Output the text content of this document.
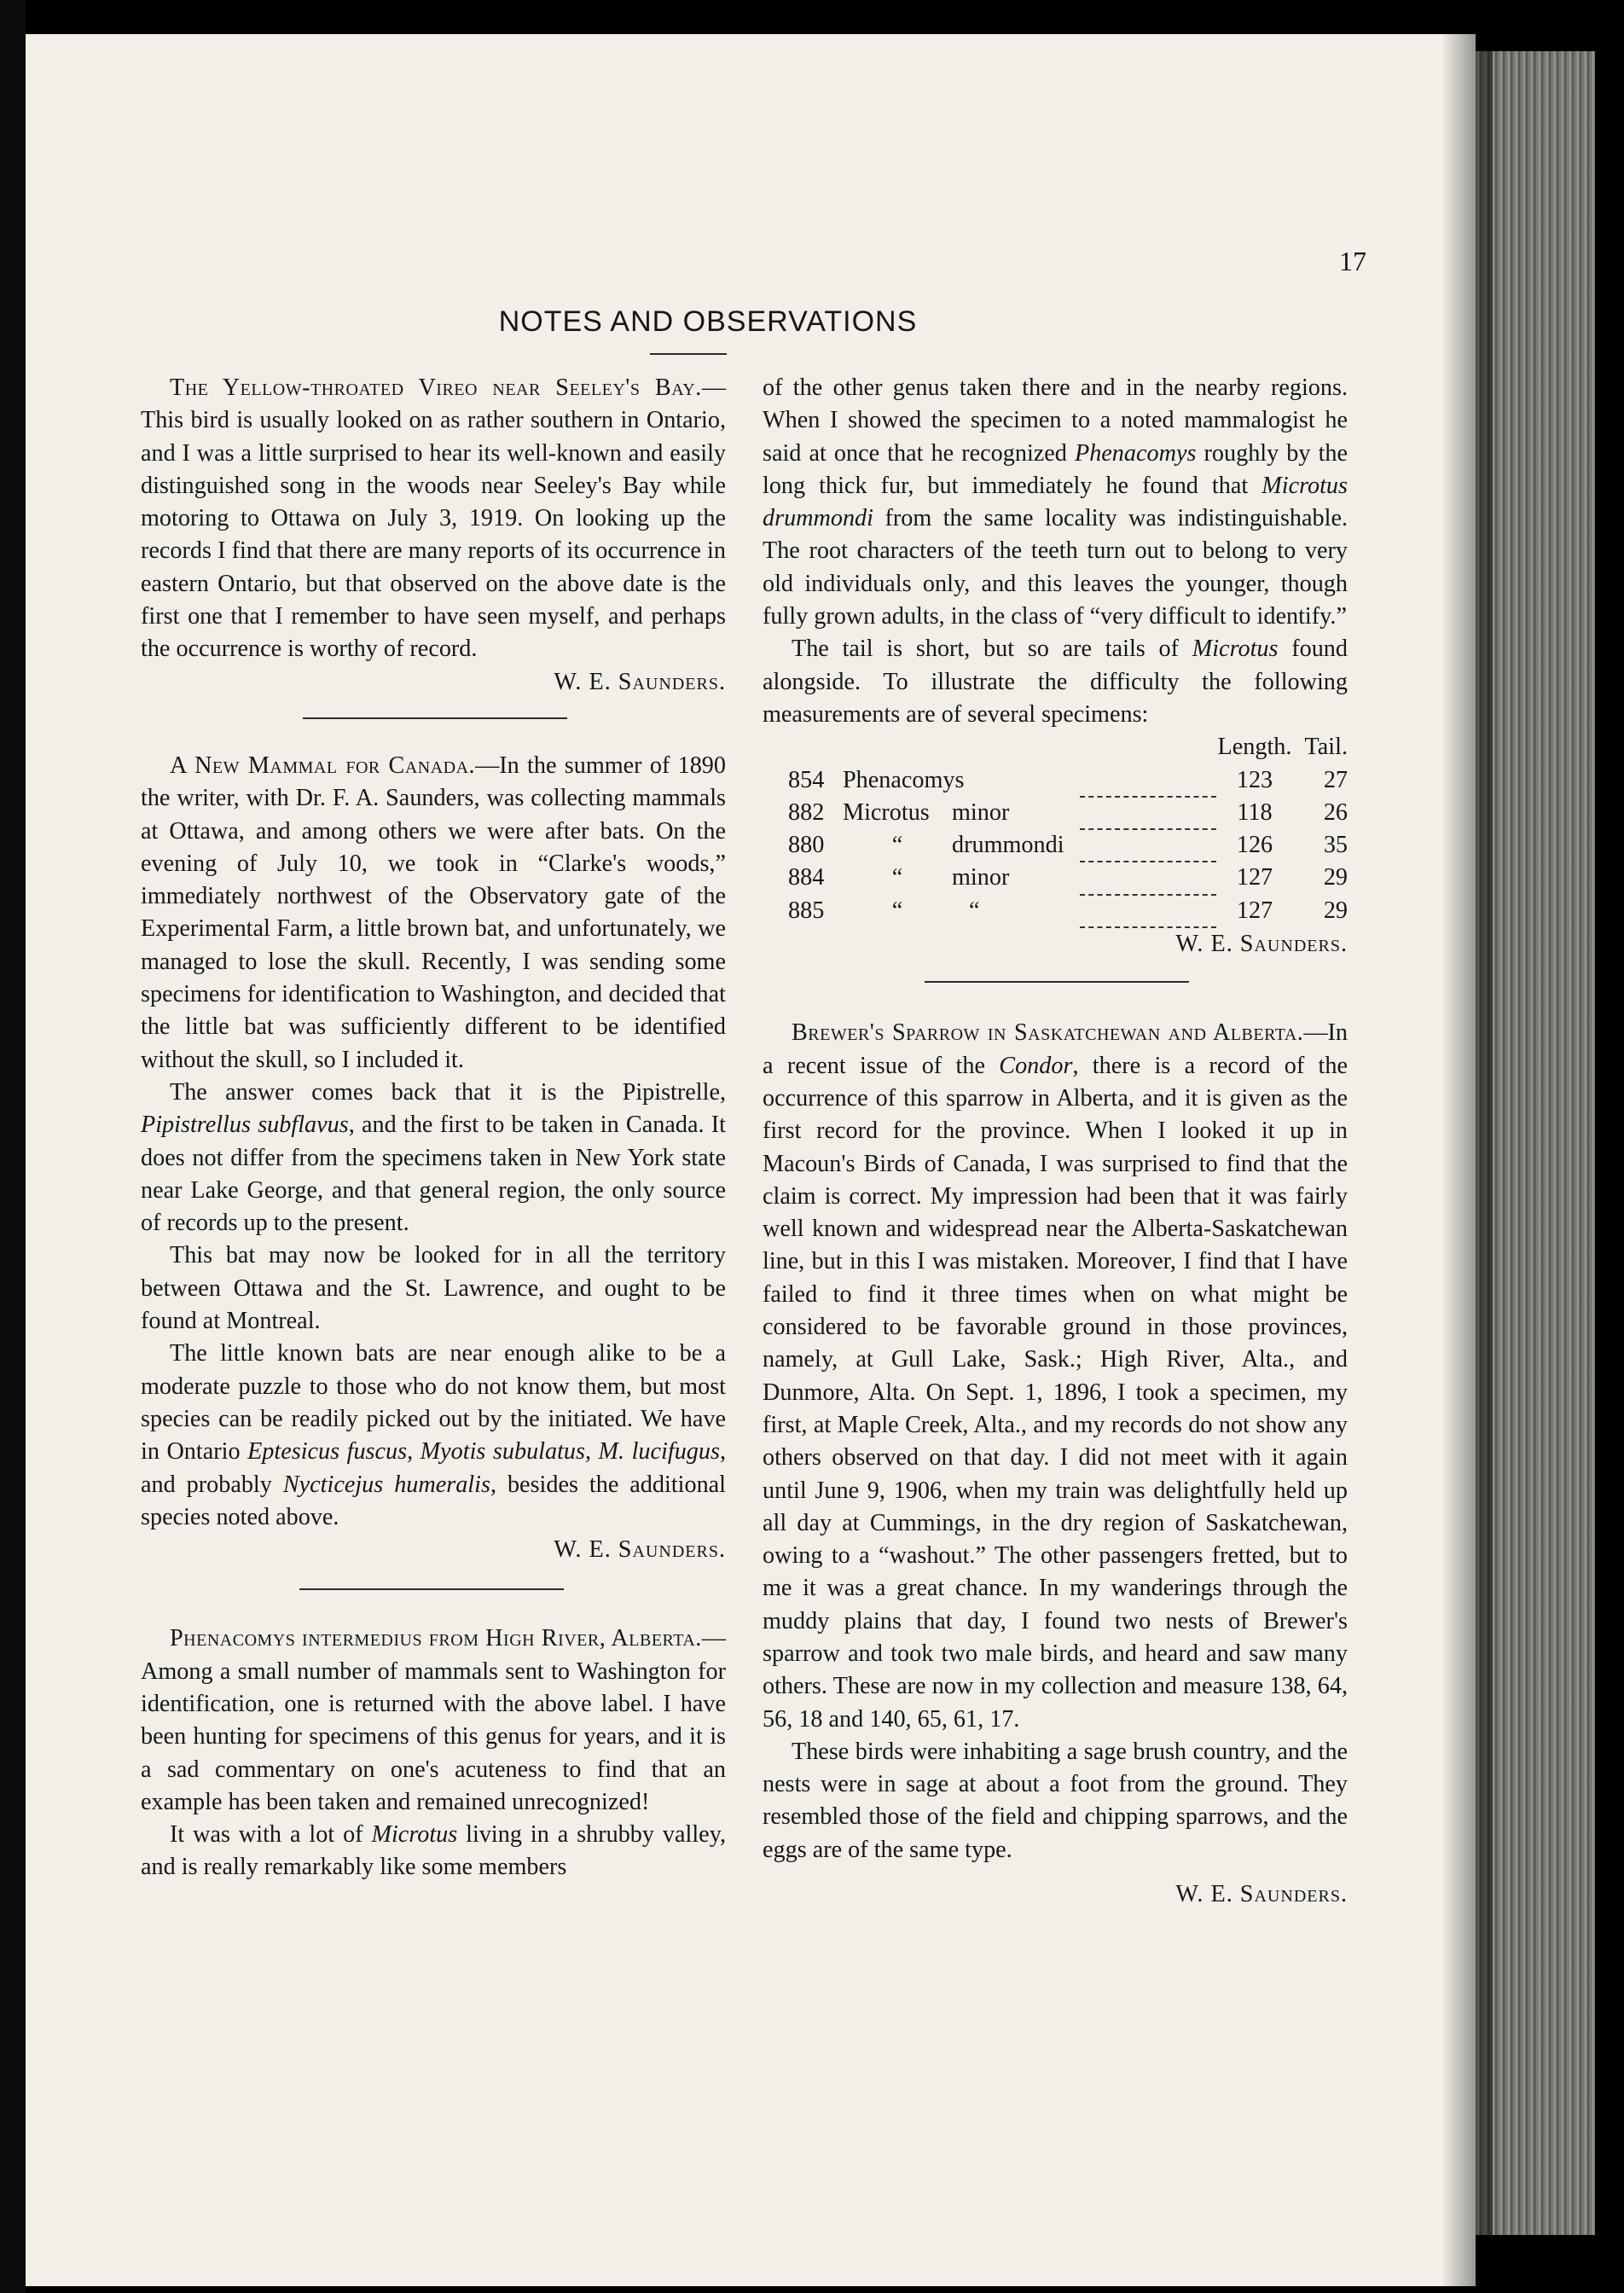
17
NOTES AND OBSERVATIONS

The Yellow-throated Vireo near Seeley's Bay.—This bird is usually looked on as rather southern in Ontario, and I was a little surprised to hear its well-known and easily distinguished song in the woods near Seeley's Bay while motoring to Ottawa on July 3, 1919. On looking up the records I find that there are many reports of its occurrence in eastern Ontario, but that observed on the above date is the first one that I remember to have seen myself, and perhaps the occurrence is worthy of record.

W. E. Saunders.

A New Mammal for Canada.—In the summer of 1890 the writer, with Dr. F. A. Saunders, was collecting mammals at Ottawa, and among others we were after bats. On the evening of July 10, we took in “Clarke's woods,” immediately northwest of the Observatory gate of the Experimental Farm, a little brown bat, and unfortunately, we managed to lose the skull. Recently, I was sending some specimens for identification to Washington, and decided that the little bat was sufficiently different to be identified without the skull, so I included it.

The answer comes back that it is the Pipistrelle, Pipistrellus subflavus, and the first to be taken in Canada. It does not differ from the specimens taken in New York state near Lake George, and that general region, the only source of records up to the present.

This bat may now be looked for in all the territory between Ottawa and the St. Lawrence, and ought to be found at Montreal.

The little known bats are near enough alike to be a moderate puzzle to those who do not know them, but most species can be readily picked out by the initiated. We have in Ontario Eptesicus fuscus, Myotis subulatus, M. lucifugus, and probably Nycticejus humeralis, besides the additional species noted above.

W. E. Saunders.

Phenacomys intermedius from High River, Alberta.—Among a small number of mammals sent to Washington for identification, one is returned with the above label. I have been hunting for specimens of this genus for years, and it is a sad commentary on one's acuteness to find that an example has been taken and remained unrecognized!

It was with a lot of Microtus living in a shrubby valley, and is really remarkably like some members

of the other genus taken there and in the nearby regions. When I showed the specimen to a noted mammalogist he said at once that he recognized Phenacomys roughly by the long thick fur, but immediately he found that Microtus drummondi from the same locality was indistinguishable. The root characters of the teeth turn out to belong to very old individuals only, and this leaves the younger, though fully grown adults, in the class of “very difficult to identify.”

The tail is short, but so are tails of Microtus found alongside. To illustrate the difficulty the following measurements are of several specimens:

				Length.	Tail.
854	Phenacomys			123	27
882	Microtus	minor		118	26
880	“	drummondi		126	35
884	“	minor		127	29
885	“	“		127	29

W. E. Saunders.

Brewer's Sparrow in Saskatchewan and Alberta.—In a recent issue of the Condor, there is a record of the occurrence of this sparrow in Alberta, and it is given as the first record for the province. When I looked it up in Macoun's Birds of Canada, I was surprised to find that the claim is correct. My impression had been that it was fairly well known and widespread near the Alberta-Saskatchewan line, but in this I was mistaken. Moreover, I find that I have failed to find it three times when on what might be considered to be favorable ground in those provinces, namely, at Gull Lake, Sask.; High River, Alta., and Dunmore, Alta. On Sept. 1, 1896, I took a specimen, my first, at Maple Creek, Alta., and my records do not show any others observed on that day. I did not meet with it again until June 9, 1906, when my train was delightfully held up all day at Cummings, in the dry region of Saskatchewan, owing to a “washout.” The other passengers fretted, but to me it was a great chance. In my wanderings through the muddy plains that day, I found two nests of Brewer's sparrow and took two male birds, and heard and saw many others. These are now in my collection and measure 138, 64, 56, 18 and 140, 65, 61, 17.

These birds were inhabiting a sage brush country, and the nests were in sage at about a foot from the ground. They resembled those of the field and chipping sparrows, and the eggs are of the same type.

W. E. Saunders.
